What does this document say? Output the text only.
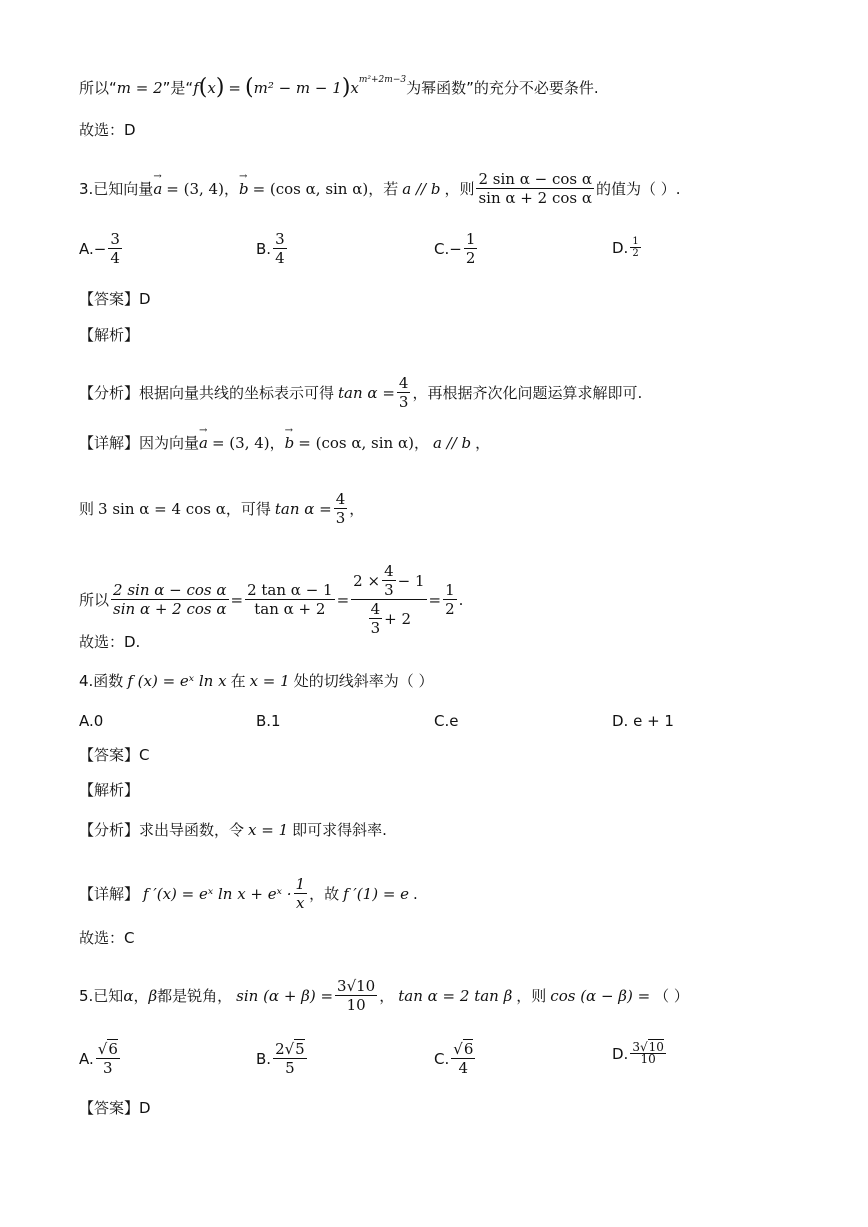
所以“ m = 2 ”是“ f ( x ) = ( m² − m − 1 ) $x^{m^2+2m-3}$ 为幂函数”的充分不必要条件.
故选：D
3.已知向量 → a = (3, 4) ， → b = (cos α, sin α) ，若 a // b ，则 $\frac{\text{2 sin α − cos α}}{\text{sin α + 2 cos α}}$ 的值为（ ）.
A. − $\frac{3}{4}$	B. $\frac{3}{4}$	C. − $\frac{1}{2}$	D. $\frac{1}{2}$
【答案】D
【解析】
【分析】根据向量共线的坐标表示可得 $\tan \alpha = \frac{4}{3}$ ，再根据齐次化问题运算求解即可.
【详解】因为向量 → a = (3, 4) ， → b = (cos α, sin α) ， a // b ，
则 3 sin α = 4 cos α ，可得 $\tan \alpha = \frac{4}{3}$ ，
所以 $\frac{\text{2 sin α − cos α}}{\text{sin α + 2 cos α}} = \frac{\text{2 tan α − 1}}{\text{tan α + 2}} = \frac{2 \times \frac{4}{3} - 1}{\frac{4}{3} + 2} = \frac{1}{2}$ .
故选：D.
4.函数 f (x) = eˣ ln x 在 x = 1 处的切线斜率为（ ）
A.0	B.1	C.e	D. e + 1
【答案】C
【解析】
【分析】求出导函数，令 x = 1 即可求得斜率.
【详解】 f ′(x) = eˣ ln x + eˣ · $\frac{1}{x}$ ，故 f ′(1) = e .
故选：C
5.已知 α ， β 都是锐角， $\sin (\alpha + \beta) = \frac{3√10}{10}$ ， tan α = 2 tan β ，则 cos (α − β) = （ ）
A. $\frac{√6}{3}$	B. $\frac{2√5}{5}$	C. $\frac{√6}{4}$	D. $\frac{3√10}{10}$
【答案】D
